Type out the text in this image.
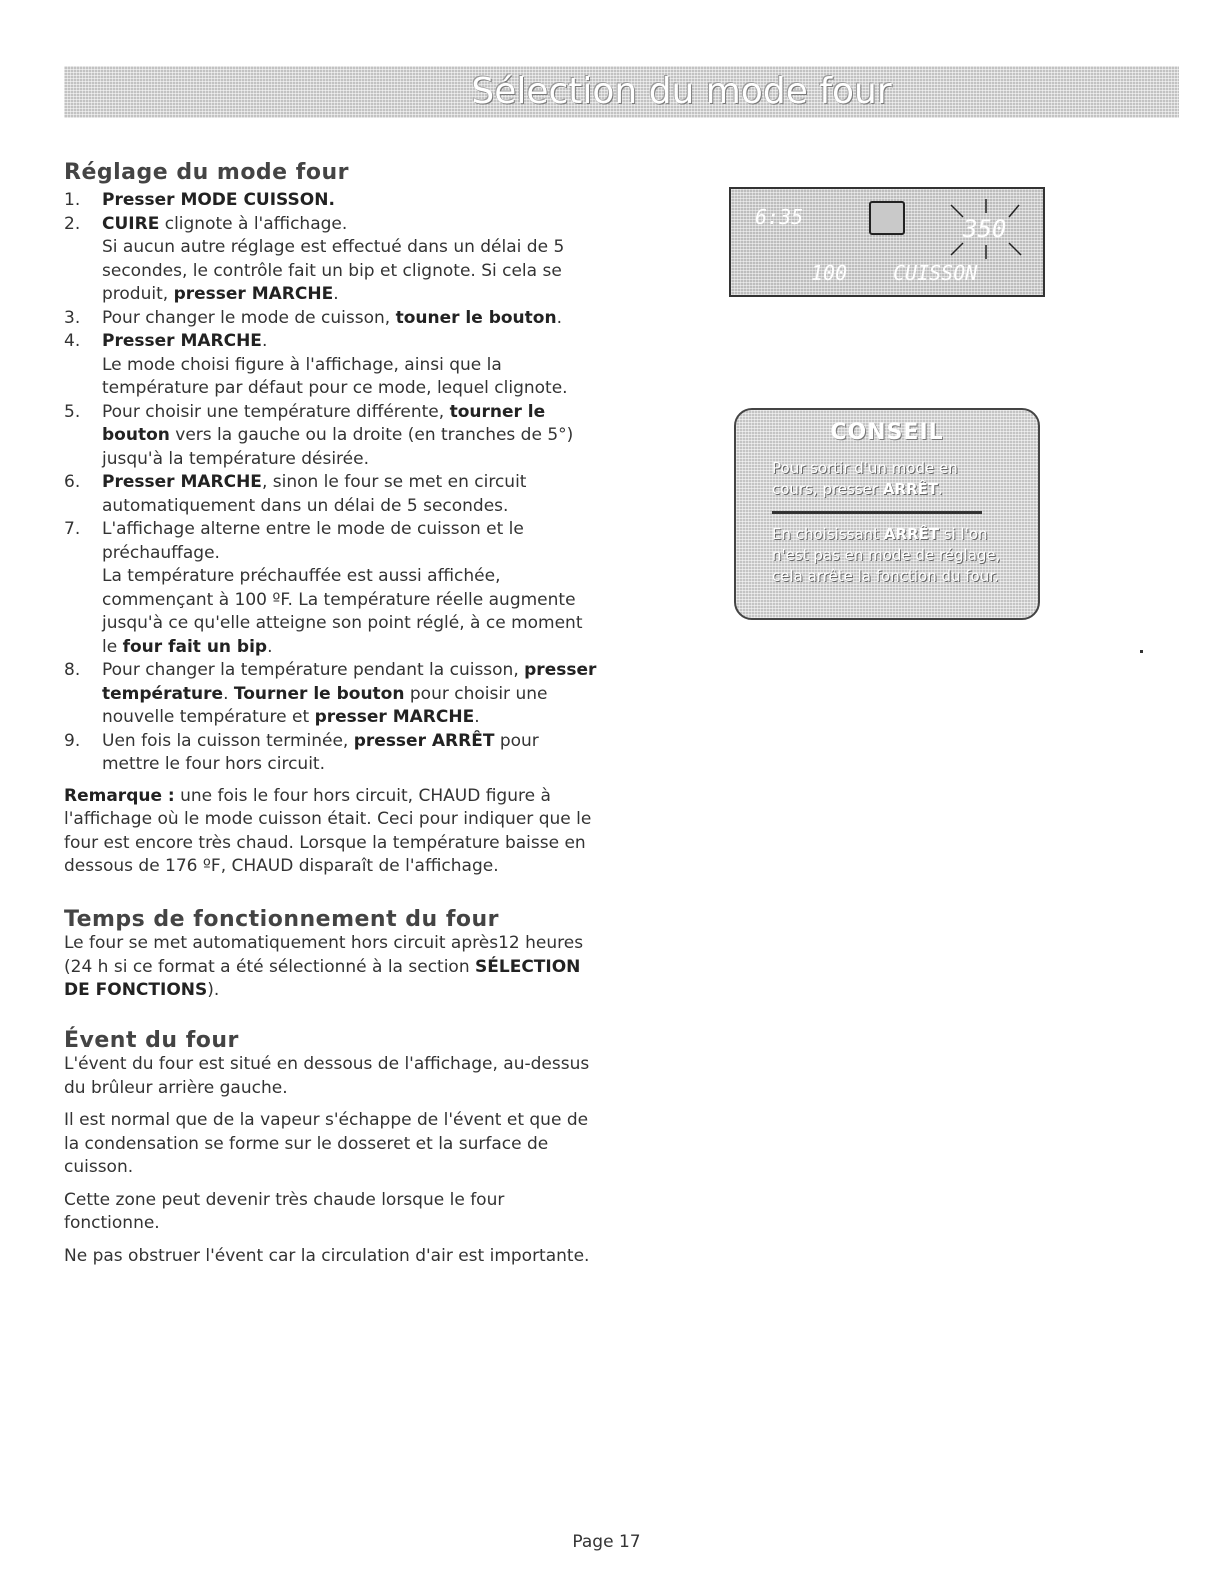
Sélection du mode four
Réglage du mode four
1.	Presser MODE CUISSON.
2.	CUIRE clignote à l'affichage.
Si aucun autre réglage est effectué dans un délai de 5 secondes, le contrôle fait un bip et clignote. Si cela se produit, presser MARCHE.
3.	Pour changer le mode de cuisson, touner le bouton.
4.	Presser MARCHE.
Le mode choisi figure à l'affichage, ainsi que la température par défaut pour ce mode, lequel clignote.
5.	Pour choisir une température différente, tourner le bouton vers la gauche ou la droite (en tranches de 5°) jusqu'à la température désirée.
6.	Presser MARCHE, sinon le four se met en circuit automatiquement dans un délai de 5 secondes.
7.	L'affichage alterne entre le mode de cuisson et le préchauffage.
La température préchauffée est aussi affichée, commençant à 100 ºF. La température réelle augmente jusqu'à ce qu'elle atteigne son point réglé, à ce moment le four fait un bip.
8.	Pour changer la température pendant la cuisson, presser température. Tourner le bouton pour choisir une nouvelle température et presser MARCHE.
9.	Uen fois la cuisson terminée, presser ARRÊT pour mettre le four hors circuit.

Remarque : une fois le four hors circuit, CHAUD figure à l'affichage où le mode cuisson était. Ceci pour indiquer que le four est encore très chaud. Lorsque la température baisse en dessous de 176 ºF, CHAUD disparaît de l'affichage.

Temps de fonctionnement du four

Le four se met automatiquement hors circuit après12 heures (24 h si ce format a été sélectionné à la section SÉLECTION DE FONCTIONS).

Évent du four

L'évent du four est situé en dessous de l'affichage, au-dessus du brûleur arrière gauche.

Il est normal que de la vapeur s'échappe de l'évent et que de la condensation se forme sur le dosseret et la surface de cuisson.

Cette zone peut devenir très chaude lorsque le four fonctionne.

Ne pas obstruer l'évent car la circulation d'air est importante.

6:35	350
100 CUISSON
CONSEIL
Pour sortir d'un mode en cours, presser ARRÊT.
En choisissant ARRÊT si l'on n'est pas en mode de réglage, cela arrête la fonction du four.
Page 17
